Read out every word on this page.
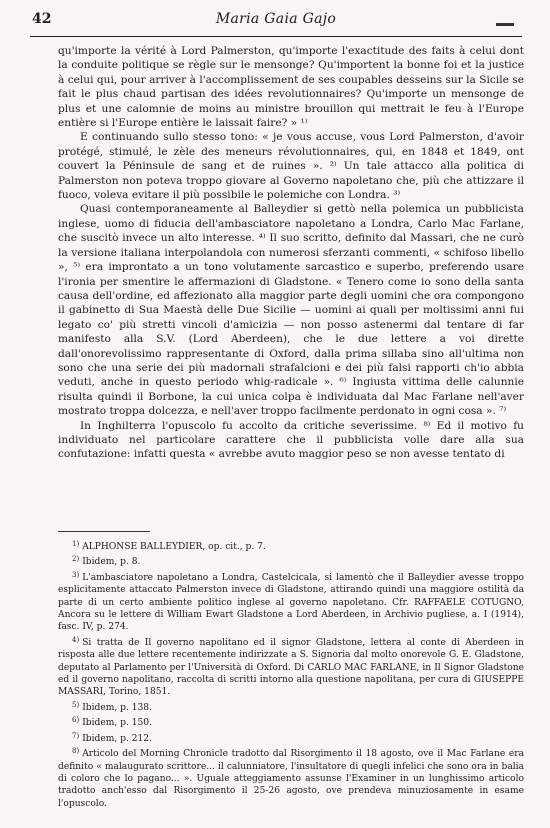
42	Maria Gaia Gajo

qu'importe la vérité à Lord Palmerston, qu'importe l'exactitude des faits à celui dont la conduite politique se règle sur le mensonge? Qu'importent la bonne foi et la justice à celui qui, pour arriver à l'accomplissement de ses coupables desseins sur la Sicile se fait le plus chaud partisan des idées revolutionnaires? Qu'importe un mensonge de plus et une calomnie de moins au ministre brouillon qui mettrait le feu à l'Europe entière si l'Europe entière le laissait faire? » ¹⁾

E continuando sullo stesso tono: « je vous accuse, vous Lord Palmerston, d'avoir protégé, stimulé, le zèle des meneurs révolutionnaires, qui, en 1848 et 1849, ont couvert la Péninsule de sang et de ruines ». ²⁾ Un tale attacco alla politica di Palmerston non poteva troppo giovare al Governo napoletano che, più che attizzare il fuoco, voleva evitare il più possibile le polemiche con Londra. ³⁾

Quasi contemporaneamente al Balleydier si gettò nella polemica un pubblicista inglese, uomo di fiducia dell'ambasciatore napoletano a Londra, Carlo Mac Farlane, che suscitò invece un alto interesse. ⁴⁾ Il suo scritto, definito dal Massari, che ne curò la versione italiana interpolandola con numerosi sferzanti commenti, « schifoso libello », ⁵⁾ era improntato a un tono volutamente sarcastico e superbo, preferendo usare l'ironia per smentire le affermazioni di Gladstone. « Tenero come io sono della santa causa dell'ordine, ed affezionato alla maggior parte degli uomini che ora compongono il gabinetto di Sua Maestà delle Due Sicilie — uomini ai quali per moltissimi anni fui legato co' più stretti vincoli d'amicizia — non posso astenermi dal tentare di far manifesto alla S.V. (Lord Aberdeen), che le due lettere a voi dirette dall'onorevolissimo rappresentante di Oxford, dalla prima sillaba sino all'ultima non sono che una serie dei più madornali strafalcioni e dei più falsi rapporti ch'io abbia veduti, anche in questo periodo whig-radicale ». ⁶⁾ Ingiusta vittima delle calunnie risulta quindi il Borbone, la cui unica colpa è individuata dal Mac Farlane nell'aver mostrato troppa dolcezza, e nell'aver troppo facilmente perdonato in ogni cosa ». ⁷⁾

In Inghilterra l'opuscolo fu accolto da critiche severissime. ⁸⁾ Ed il motivo fu individuato nel particolare carattere che il pubblicista volle dare alla sua confutazione: infatti questa « avrebbe avuto maggior peso se non avesse tentato di

$^{1)}$ ALPHONSE BALLEYDIER, op. cit., p. 7.

$^{2)}$ Ibidem, p. 8.

$^{3)}$ L'ambasciatore napoletano a Londra, Castelcicala, si lamentò che il Balleydier avesse troppo esplicitamente attaccato Palmerston invece di Gladstone, attirando quindi una maggiore ostilità da parte di un certo ambiente politico inglese al governo napoletano. Cfr. RAFFAELE COTUGNO, Ancora su le lettere di William Ewart Gladstone a Lord Aberdeen, in Archivio pugliese, a. I (1914), fasc. IV, p. 274.

$^{4)}$ Si tratta de Il governo napolitano ed il signor Gladstone, lettera al conte di Aberdeen in risposta alle due lettere recentemente indirizzate a S. Signoria dal molto onorevole G. E. Gladstone, deputato al Parlamento per l'Università di Oxford. Di CARLO MAC FARLANE, in Il Signor Gladstone ed il governo napolitano, raccolta di scritti intorno alla questione napolitana, per cura di GIUSEPPE MASSARI, Torino, 1851.

$^{5)}$ Ibidem, p. 138.

$^{6)}$ Ibidem, p. 150.

$^{7)}$ Ibidem, p. 212.

$^{8)}$ Articolo del Morning Chronicle tradotto dal Risorgimento il 18 agosto, ove il Mac Farlane era definito « malaugurato scrittore... il calunniatore, l'insultatore di quegli infelici che sono ora in balia di coloro che lo pagano... ». Uguale atteggiamento assunse l'Examiner in un lunghissimo articolo tradotto anch'esso dal Risorgimento il 25-26 agosto, ove prendeva minuziosamente in esame l'opuscolo.
